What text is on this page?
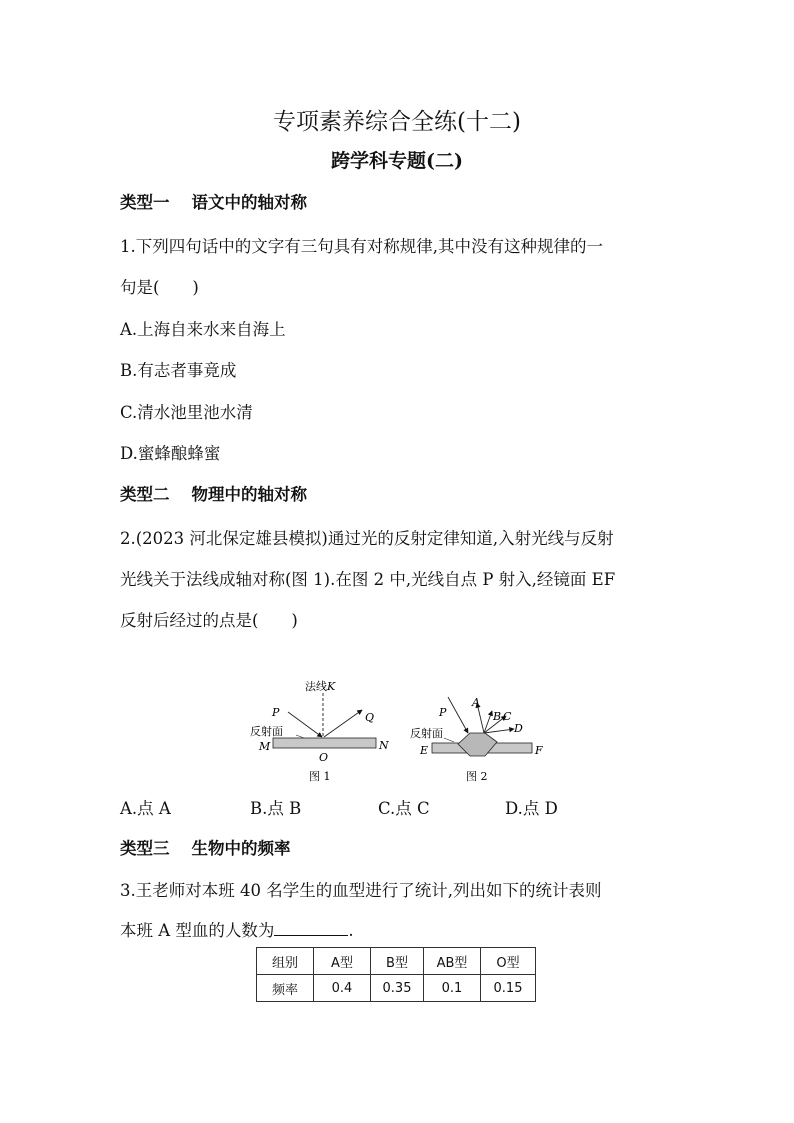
专项素养综合全练(十二)
跨学科专题(二)
类型一 语文中的轴对称
1.下列四句话中的文字有三句具有对称规律,其中没有这种规律的一
句是(　　)
A.上海自来水来自海上
B.有志者事竟成
C.清水池里池水清
D.蜜蜂酿蜂蜜
类型二 物理中的轴对称
2.(2023 河北保定雄县模拟)通过光的反射定律知道,入射光线与反射
光线关于法线成轴对称(图 1).在图 2 中,光线自点 P 射入,经镜面 EF
反射后经过的点是(　　)
法线K
P	Q
反射面
M	N
O
图 1
P
A
B C
D
反射面
E	F
图 2
A.点 A	B.点 B	C.点 C	D.点 D
类型三 生物中的频率
3.王老师对本班 40 名学生的血型进行了统计,列出如下的统计表则
本班 A 型血的人数为	.
组别	A型	B型	AB型	O型
频率	0.4	0.35	0.1	0.15
